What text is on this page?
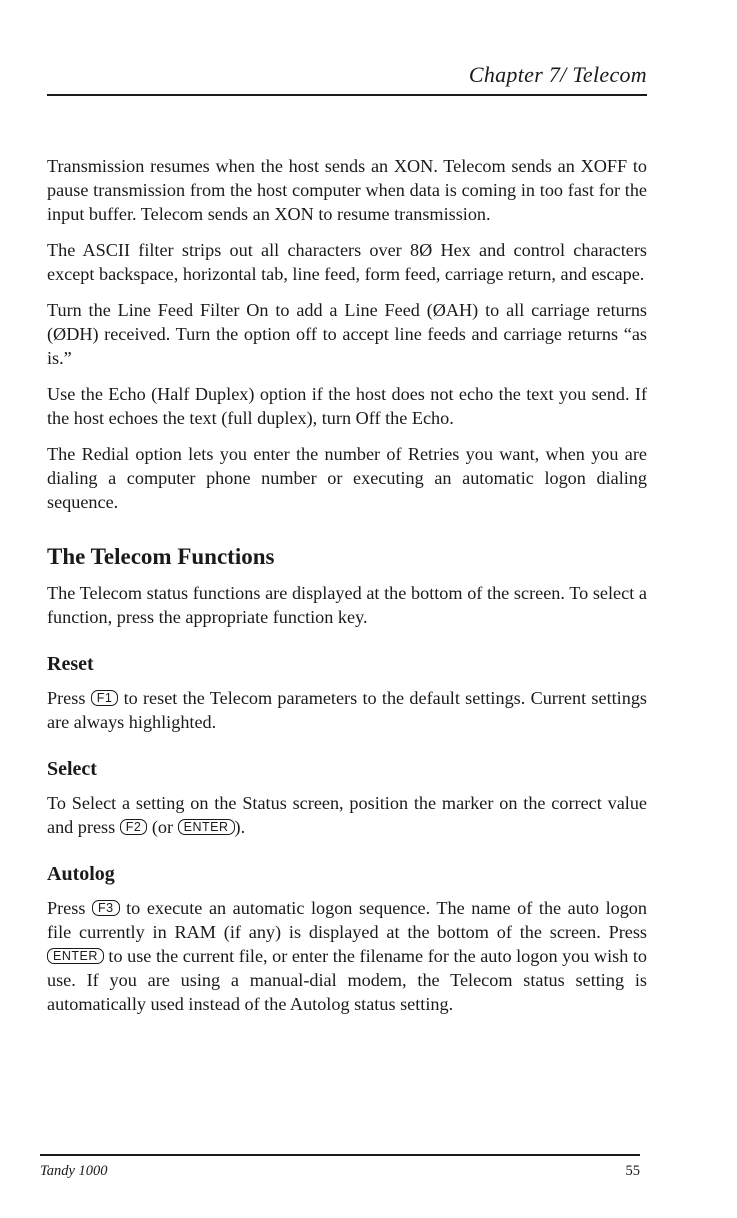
Chapter 7/ Telecom

Transmission resumes when the host sends an XON. Telecom sends an XOFF to pause transmission from the host computer when data is coming in too fast for the input buffer. Telecom sends an XON to resume transmission.

The ASCII filter strips out all characters over 8Ø Hex and control characters except backspace, horizontal tab, line feed, form feed, carriage return, and escape.

Turn the Line Feed Filter On to add a Line Feed (ØAH) to all carriage returns (ØDH) received. Turn the option off to accept line feeds and carriage returns “as is.”

Use the Echo (Half Duplex) option if the host does not echo the text you send. If the host echoes the text (full duplex), turn Off the Echo.

The Redial option lets you enter the number of Retries you want, when you are dialing a computer phone number or executing an automatic logon dialing sequence.

The Telecom Functions

The Telecom status functions are displayed at the bottom of the screen. To select a function, press the appropriate function key.

Reset

Press F1 to reset the Telecom parameters to the default settings. Current settings are always highlighted.

Select

To Select a setting on the Status screen, position the marker on the correct value and press F2 (or ENTER ).

Autolog

Press F3 to execute an automatic logon sequence. The name of the auto logon file currently in RAM (if any) is displayed at the bottom of the screen. Press ENTER to use the current file, or enter the filename for the auto logon you wish to use. If you are using a manual-dial modem, the Telecom status setting is automatically used instead of the Autolog status setting.

Tandy 1000	55
